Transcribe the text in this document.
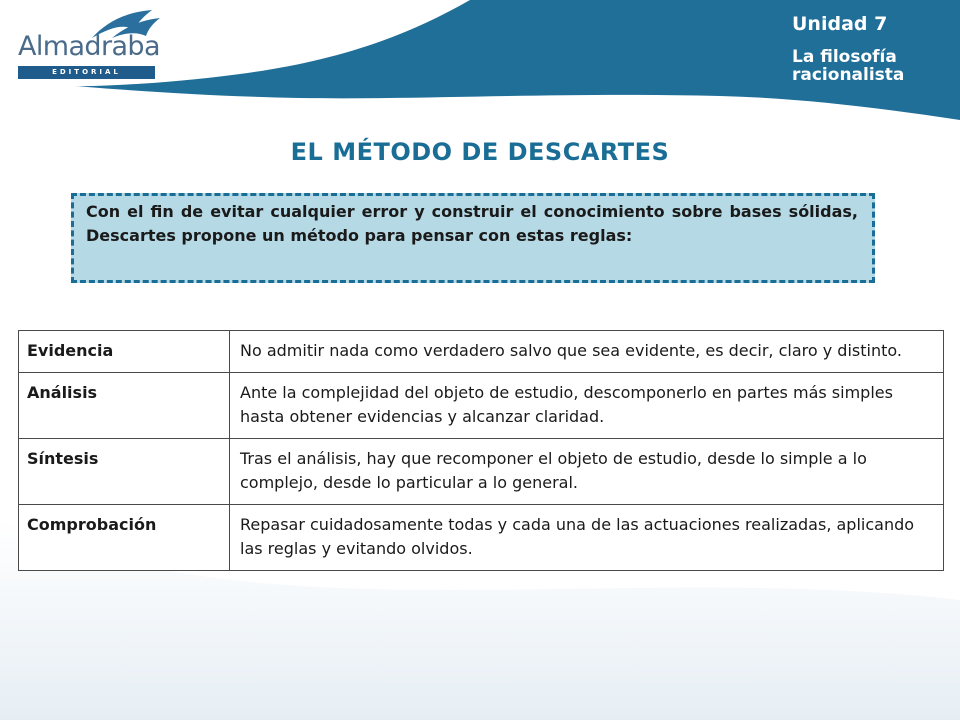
Almadraba
EDITORIAL
Unidad 7
La filosofía racionalista
EL MÉTODO DE DESCARTES
Con el fin de evitar cualquier error y construir el conocimiento sobre bases sólidas, Descartes propone un método para pensar con estas reglas:
Evidencia	No admitir nada como verdadero salvo que sea evidente, es decir, claro y distinto.
Análisis	Ante la complejidad del objeto de estudio, descomponerlo en partes más simples hasta obtener evidencias y alcanzar claridad.
Síntesis	Tras el análisis, hay que recomponer el objeto de estudio, desde lo simple a lo complejo, desde lo particular a lo general.
Comprobación	Repasar cuidadosamente todas y cada una de las actuaciones realizadas, aplicando las reglas y evitando olvidos.
